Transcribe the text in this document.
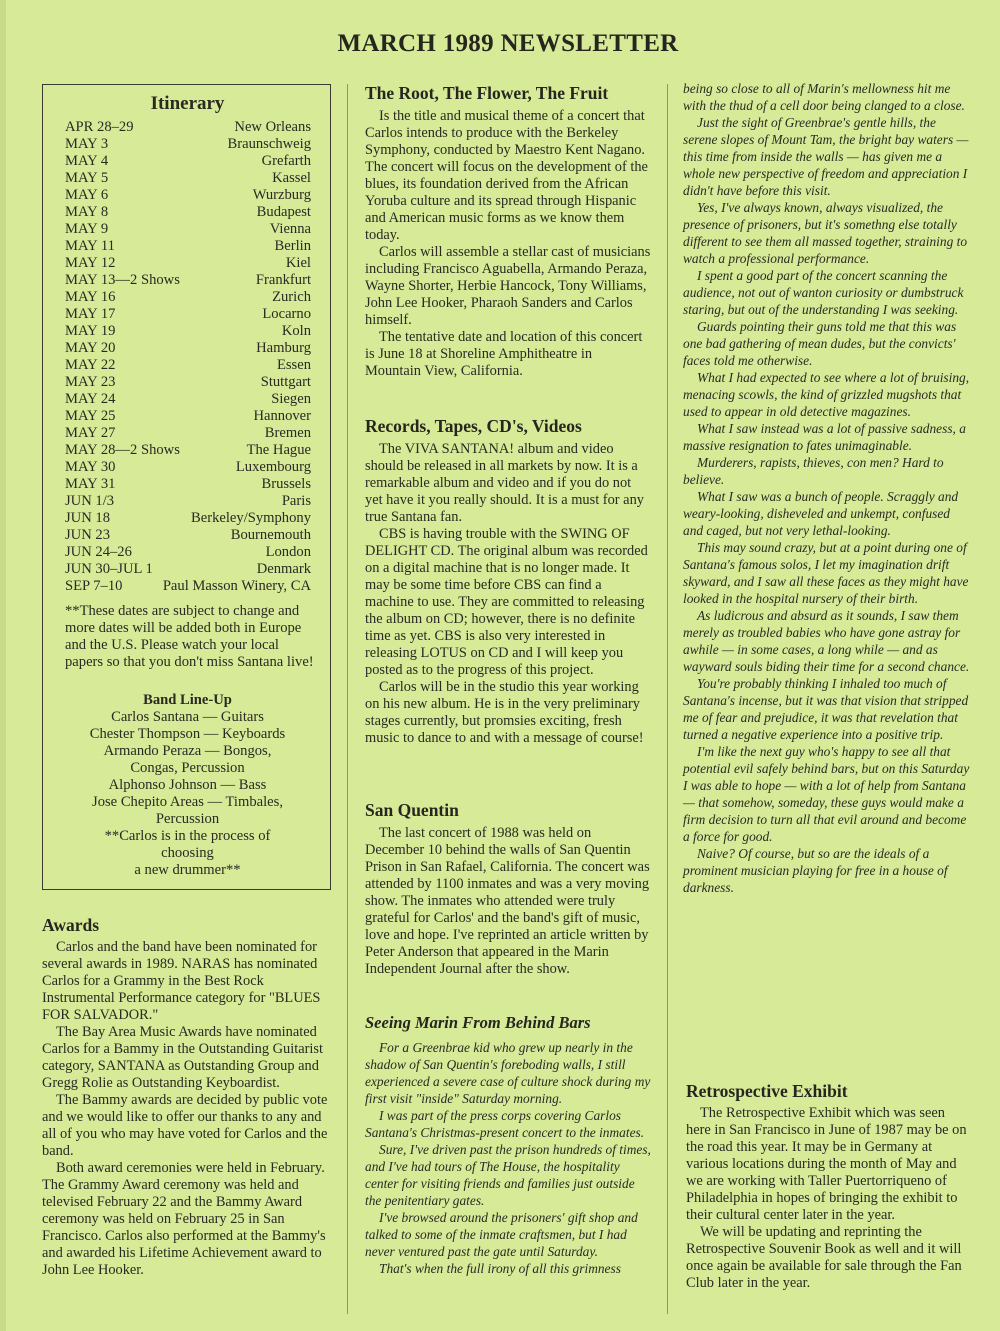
MARCH 1989 NEWSLETTER
Itinerary
APR 28–29	New Orleans
MAY 3	Braunschweig
MAY 4	Grefarth
MAY 5	Kassel
MAY 6	Wurzburg
MAY 8	Budapest
MAY 9	Vienna
MAY 11	Berlin
MAY 12	Kiel
MAY 13—2 Shows	Frankfurt
MAY 16	Zurich
MAY 17	Locarno
MAY 19	Koln
MAY 20	Hamburg
MAY 22	Essen
MAY 23	Stuttgart
MAY 24	Siegen
MAY 25	Hannover
MAY 27	Bremen
MAY 28—2 Shows	The Hague
MAY 30	Luxembourg
MAY 31	Brussels
JUN 1/3	Paris
JUN 18	Berkeley/Symphony
JUN 23	Bournemouth
JUN 24–26	London
JUN 30–JUL 1	Denmark
SEP 7–10	Paul Masson Winery, CA
**These dates are subject to change and more dates will be added both in Europe and the U.S. Please watch your local papers so that you don't miss Santana live!
Band Line-Up
Carlos Santana — Guitars
Chester Thompson — Keyboards
Armando Peraza — Bongos,
Congas, Percussion
Alphonso Johnson — Bass
Jose Chepito Areas — Timbales,
Percussion
**Carlos is in the process of
choosing
a new drummer**
Awards

Carlos and the band have been nominated for several awards in 1989. NARAS has nominated Carlos for a Grammy in the Best Rock Instrumental Performance category for "BLUES FOR SALVADOR."

The Bay Area Music Awards have nominated Carlos for a Bammy in the Outstanding Guitarist category, SANTANA as Outstanding Group and Gregg Rolie as Outstanding Keyboardist.

The Bammy awards are decided by public vote and we would like to offer our thanks to any and all of you who may have voted for Carlos and the band.

Both award ceremonies were held in February. The Grammy Award ceremony was held and televised February 22 and the Bammy Award ceremony was held on February 25 in San Francisco. Carlos also performed at the Bammy's and awarded his Lifetime Achievement award to John Lee Hooker.

The Root, The Flower, The Fruit

Is the title and musical theme of a concert that Carlos intends to produce with the Berkeley Symphony, conducted by Maestro Kent Nagano. The concert will focus on the development of the blues, its foundation derived from the African Yoruba culture and its spread through Hispanic and American music forms as we know them today.

Carlos will assemble a stellar cast of musicians including Francisco Aguabella, Armando Peraza, Wayne Shorter, Herbie Hancock, Tony Williams, John Lee Hooker, Pharaoh Sanders and Carlos himself.

The tentative date and location of this concert is June 18 at Shoreline Amphitheatre in Mountain View, California.

Records, Tapes, CD's, Videos

The VIVA SANTANA! album and video should be released in all markets by now. It is a remarkable album and video and if you do not yet have it you really should. It is a must for any true Santana fan.

CBS is having trouble with the SWING OF DELIGHT CD. The original album was recorded on a digital machine that is no longer made. It may be some time before CBS can find a machine to use. They are committed to releasing the album on CD; however, there is no definite time as yet. CBS is also very interested in releasing LOTUS on CD and I will keep you posted as to the progress of this project.

Carlos will be in the studio this year working on his new album. He is in the very preliminary stages currently, but promsies exciting, fresh music to dance to and with a message of course!

San Quentin

The last concert of 1988 was held on December 10 behind the walls of San Quentin Prison in San Rafael, California. The concert was attended by 1100 inmates and was a very moving show. The inmates who attended were truly grateful for Carlos' and the band's gift of music, love and hope. I've reprinted an article written by Peter Anderson that appeared in the Marin Independent Journal after the show.

Seeing Marin From Behind Bars

For a Greenbrae kid who grew up nearly in the shadow of San Quentin's foreboding walls, I still experienced a severe case of culture shock during my first visit "inside" Saturday morning.

I was part of the press corps covering Carlos Santana's Christmas-present concert to the inmates.

Sure, I've driven past the prison hundreds of times, and I've had tours of The House, the hospitality center for visiting friends and families just outside the penitentiary gates.

I've browsed around the prisoners' gift shop and talked to some of the inmate craftsmen, but I had never ventured past the gate until Saturday.

That's when the full irony of all this grimness

being so close to all of Marin's mellowness hit me with the thud of a cell door being clanged to a close.

Just the sight of Greenbrae's gentle hills, the serene slopes of Mount Tam, the bright bay waters — this time from inside the walls — has given me a whole new perspective of freedom and appreciation I didn't have before this visit.

Yes, I've always known, always visualized, the presence of prisoners, but it's somethng else totally different to see them all massed together, straining to watch a professional performance.

I spent a good part of the concert scanning the audience, not out of wanton curiosity or dumbstruck staring, but out of the understanding I was seeking.

Guards pointing their guns told me that this was one bad gathering of mean dudes, but the convicts' faces told me otherwise.

What I had expected to see where a lot of bruising, menacing scowls, the kind of grizzled mugshots that used to appear in old detective magazines.

What I saw instead was a lot of passive sadness, a massive resignation to fates unimaginable.

Murderers, rapists, thieves, con men? Hard to believe.

What I saw was a bunch of people. Scraggly and weary-looking, disheveled and unkempt, confused and caged, but not very lethal-looking.

This may sound crazy, but at a point during one of Santana's famous solos, I let my imagination drift skyward, and I saw all these faces as they might have looked in the hospital nursery of their birth.

As ludicrous and absurd as it sounds, I saw them merely as troubled babies who have gone astray for awhile — in some cases, a long while — and as wayward souls biding their time for a second chance.

You're probably thinking I inhaled too much of Santana's incense, but it was that vision that stripped me of fear and prejudice, it was that revelation that turned a negative experience into a positive trip.

I'm like the next guy who's happy to see all that potential evil safely behind bars, but on this Saturday I was able to hope — with a lot of help from Santana — that somehow, someday, these guys would make a firm decision to turn all that evil around and become a force for good.

Naive? Of course, but so are the ideals of a prominent musician playing for free in a house of darkness.

Retrospective Exhibit

The Retrospective Exhibit which was seen here in San Francisco in June of 1987 may be on the road this year. It may be in Germany at various locations during the month of May and we are working with Taller Puertorriqueno of Philadelphia in hopes of bringing the exhibit to their cultural center later in the year.

We will be updating and reprinting the Retrospective Souvenir Book as well and it will once again be available for sale through the Fan Club later in the year.
